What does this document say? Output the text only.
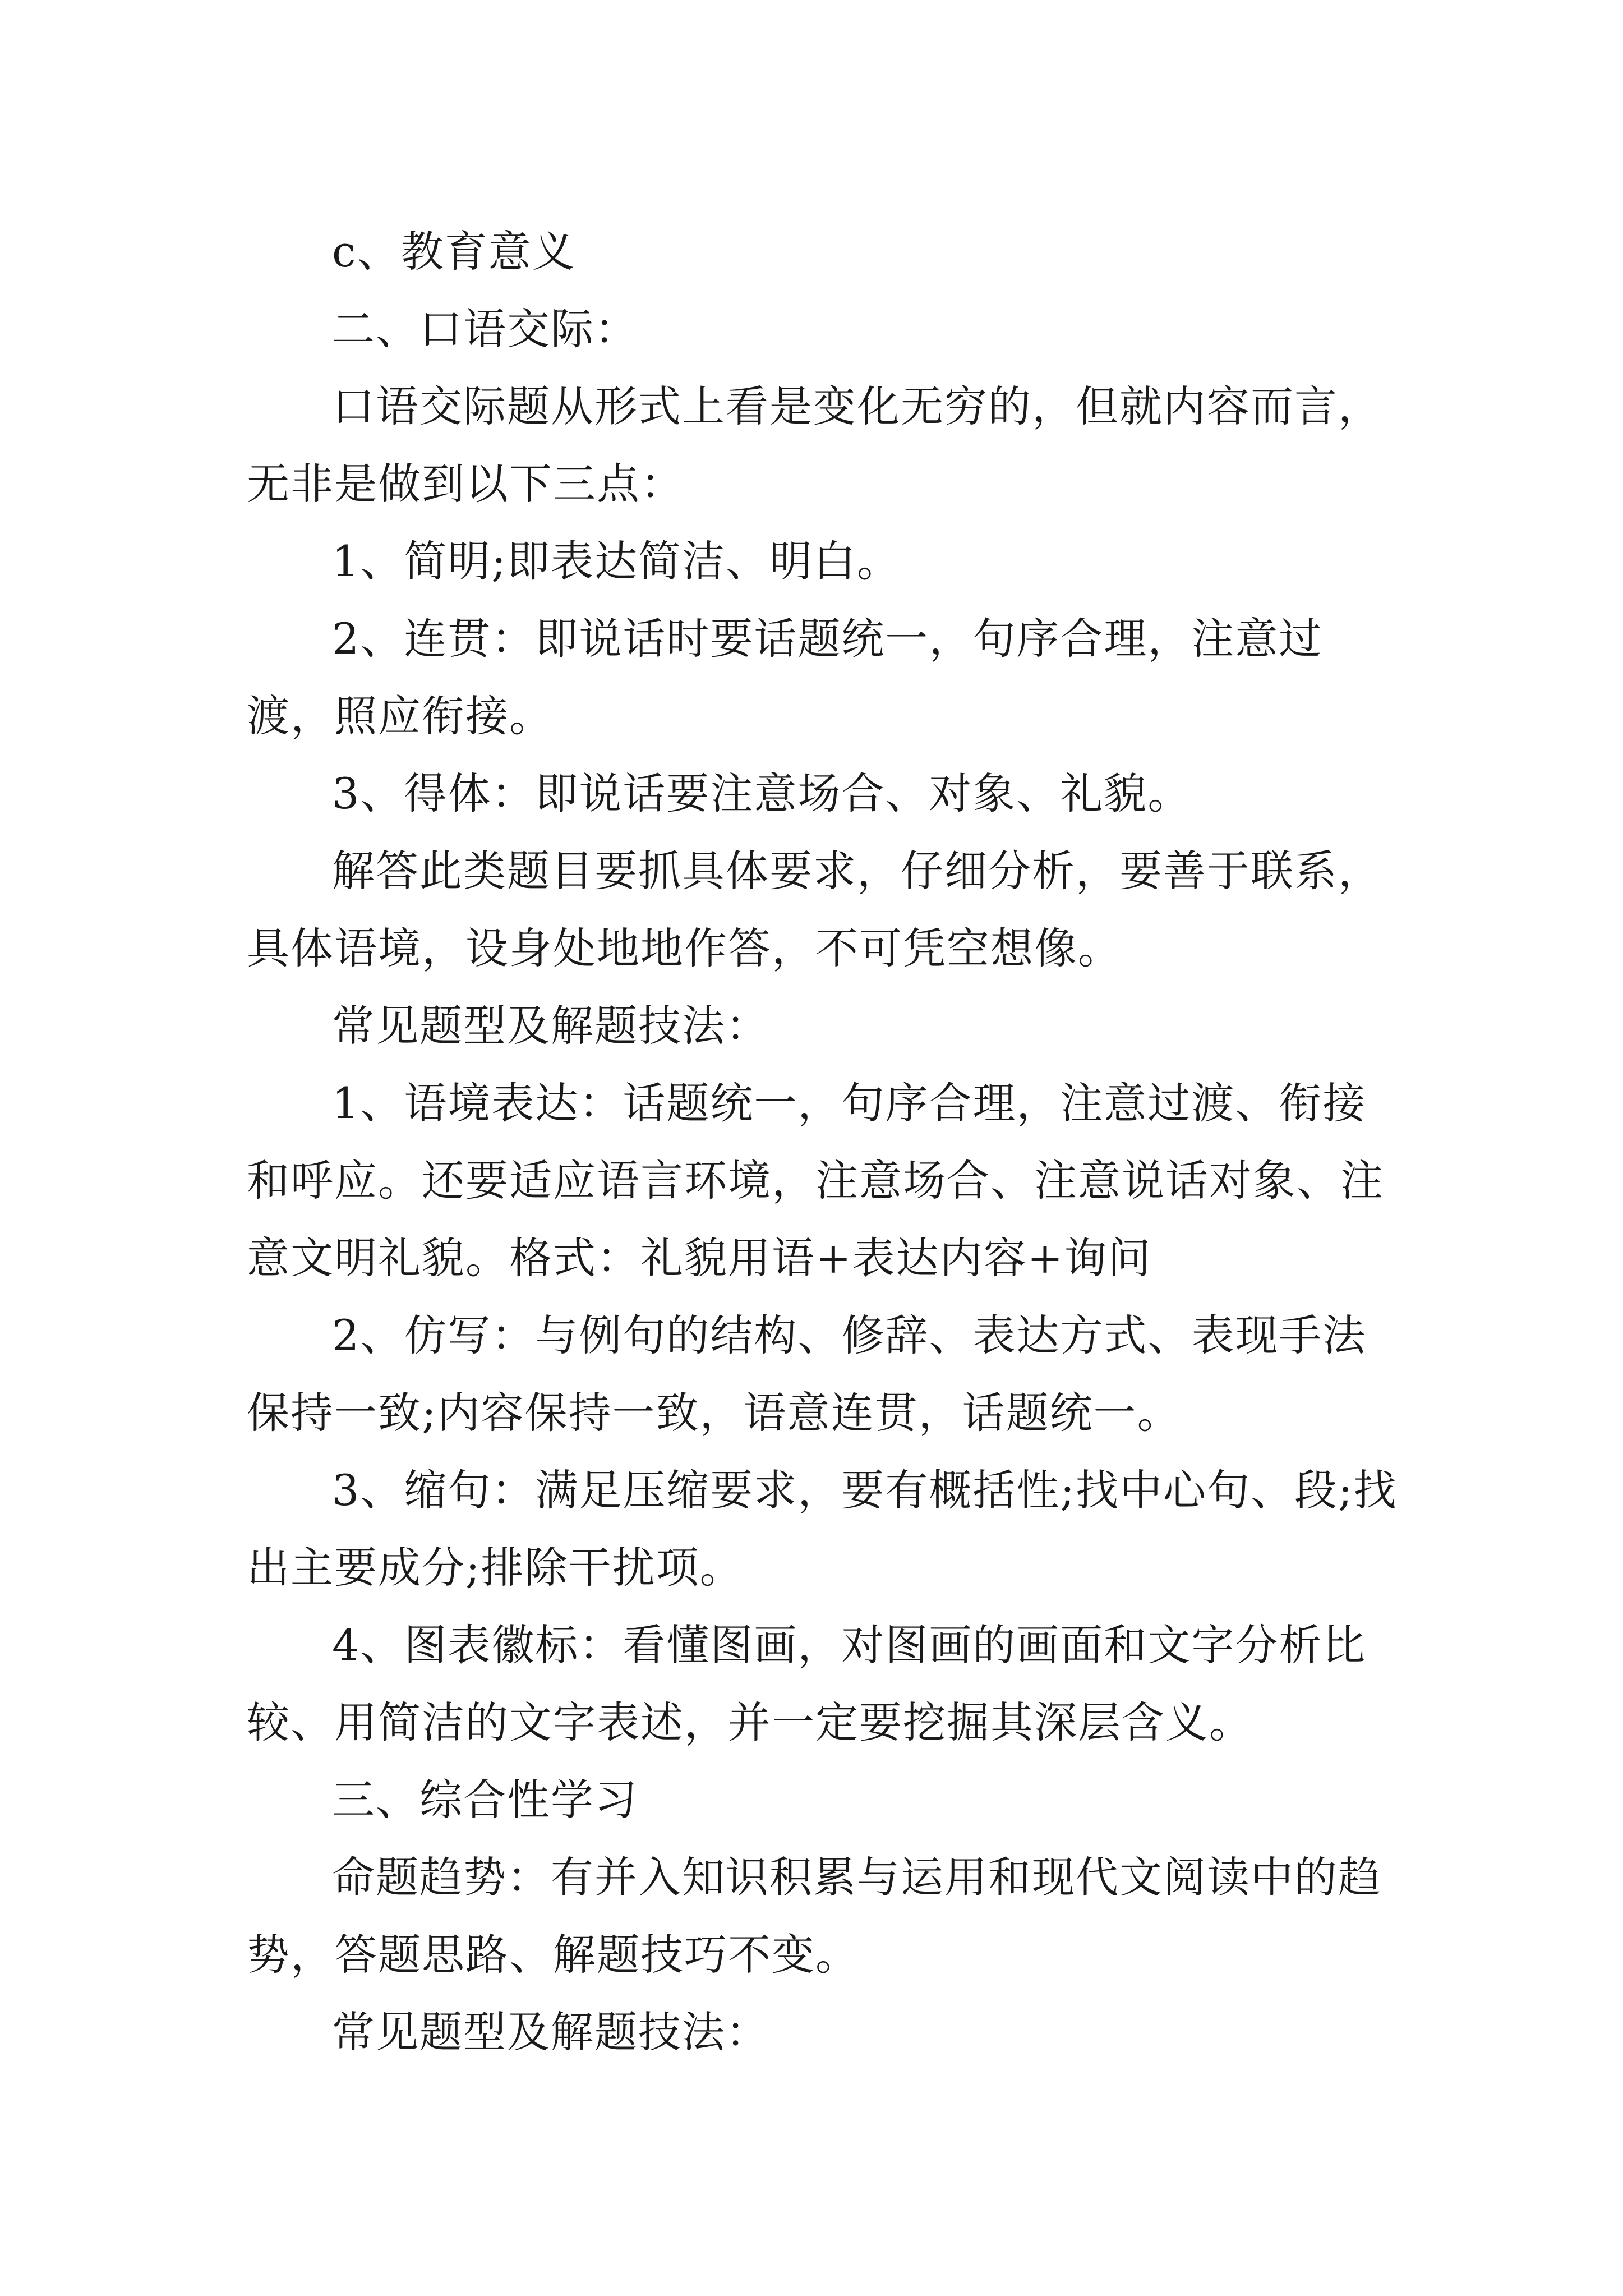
c、教育意义

二、口语交际：

口语交际题从形式上看是变化无穷的，但就内容而言，无非是做到以下三点：

1、简明;即表达简洁、明白。

2、连贯：即说话时要话题统一，句序合理，注意过渡，照应衔接。

3、得体：即说话要注意场合、对象、礼貌。

解答此类题目要抓具体要求，仔细分析，要善于联系，具体语境，设身处地地作答，不可凭空想像。

常见题型及解题技法：

1、语境表达：话题统一，句序合理，注意过渡、衔接和呼应。还要适应语言环境，注意场合、注意说话对象、注意文明礼貌。格式：礼貌用语+表达内容+询问

2、仿写：与例句的结构、修辞、表达方式、表现手法保持一致;内容保持一致，语意连贯，话题统一。

3、缩句：满足压缩要求，要有概括性;找中心句、段;找出主要成分;排除干扰项。

4、图表徽标：看懂图画，对图画的画面和文字分析比较、用简洁的文字表述，并一定要挖掘其深层含义。

三、综合性学习

命题趋势：有并入知识积累与运用和现代文阅读中的趋势，答题思路、解题技巧不变。

常见题型及解题技法：
